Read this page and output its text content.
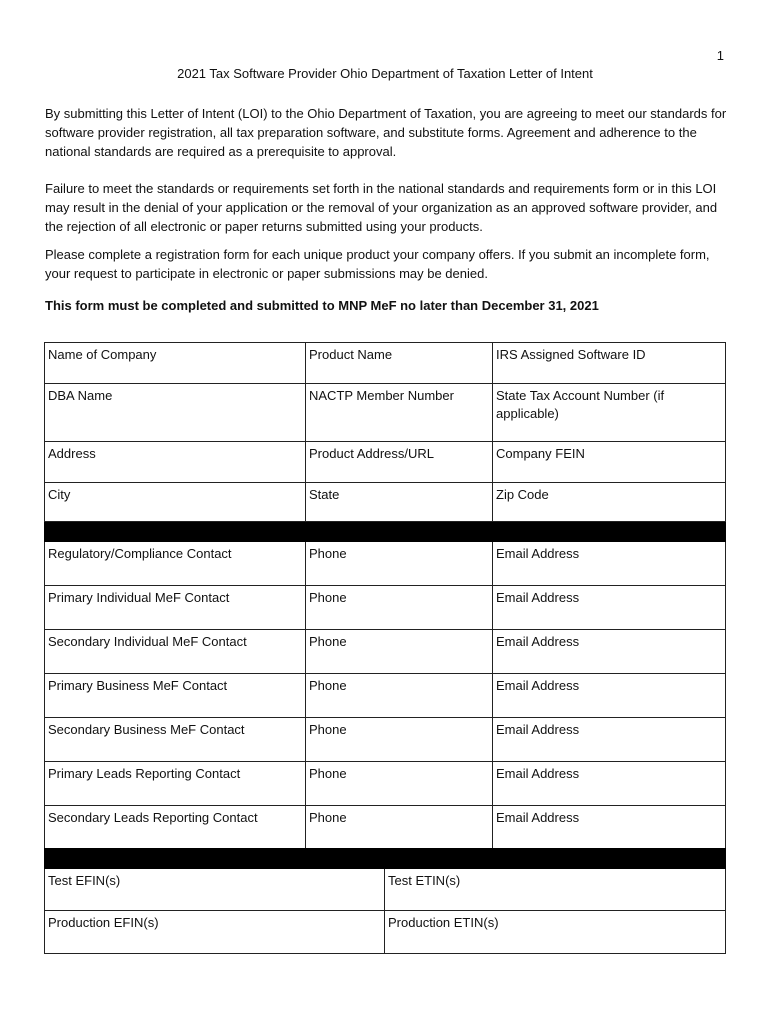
1
2021 Tax Software Provider Ohio Department of Taxation Letter of Intent

By submitting this Letter of Intent (LOI) to the Ohio Department of Taxation, you are agreeing to meet our standards for software provider registration, all tax preparation software, and substitute forms. Agreement and adherence to the national standards are required as a prerequisite to approval.

Failure to meet the standards or requirements set forth in the national standards and requirements form or in this LOI may result in the denial of your application or the removal of your organization as an approved software provider, and the rejection of all electronic or paper returns submitted using your products.

Please complete a registration form for each unique product your company offers. If you submit an incomplete form, your request to participate in electronic or paper submissions may be denied.

This form must be completed and submitted to MNP MeF no later than December 31, 2021

Name of Company	Product Name	IRS Assigned Software ID
DBA Name	NACTP Member Number	State Tax Account Number (if applicable)
Address	Product Address/URL	Company FEIN
City	State	Zip Code

Regulatory/Compliance Contact	Phone	Email Address
Primary Individual MeF Contact	Phone	Email Address
Secondary Individual MeF Contact	Phone	Email Address
Primary Business MeF Contact	Phone	Email Address
Secondary Business MeF Contact	Phone	Email Address
Primary Leads Reporting Contact	Phone	Email Address
Secondary Leads Reporting Contact	Phone	Email Address

Test EFIN(s)	Test ETIN(s)
Production EFIN(s)	Production ETIN(s)
